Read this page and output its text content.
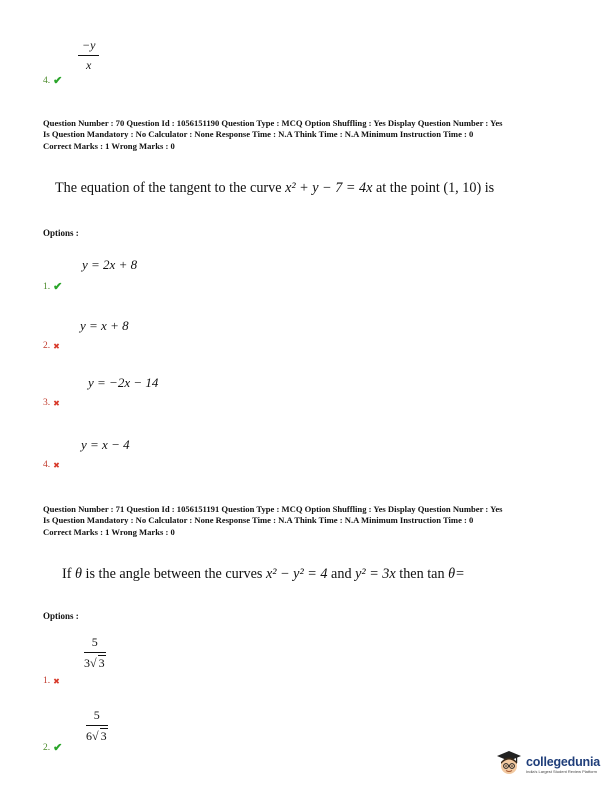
$\frac{-y}{x}$
4. ✔
Question Number : 70 Question Id : 1056151190 Question Type : MCQ Option Shuffling : Yes Display Question Number : Yes
Is Question Mandatory : No Calculator : None Response Time : N.A Think Time : N.A Minimum Instruction Time : 0
Correct Marks : 1 Wrong Marks : 0
The equation of the tangent to the curve x² + y − 7 = 4x at the point (1, 10) is
Options :
y = 2x + 8
1. ✔
y = x + 8
2. ✖
y = −2x − 14
3. ✖
y = x − 4
4. ✖
Question Number : 71 Question Id : 1056151191 Question Type : MCQ Option Shuffling : Yes Display Question Number : Yes
Is Question Mandatory : No Calculator : None Response Time : N.A Think Time : N.A Minimum Instruction Time : 0
Correct Marks : 1 Wrong Marks : 0
If θ is the angle between the curves x² − y² = 4 and y² = 3x then tan θ=
Options :
$\frac{5}{3√ 3}$
1. ✖
$\frac{5}{6√ 3}$
2. ✔
collegedunia
India's Largest Student Review Platform
